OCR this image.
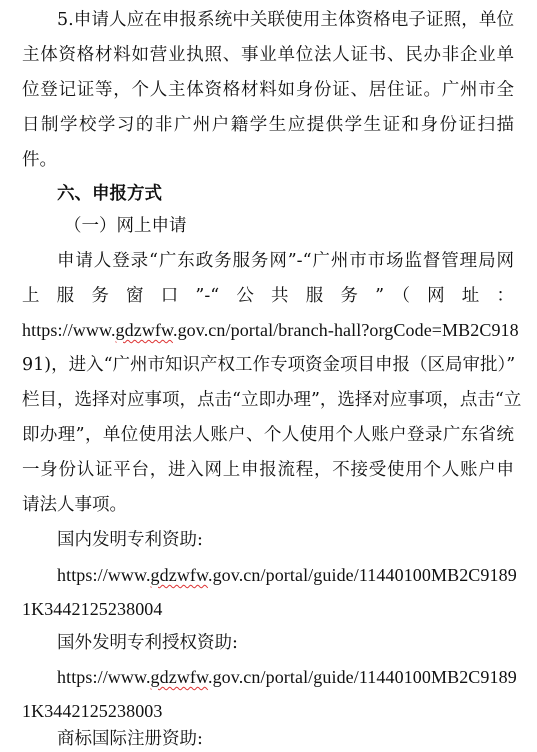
5.申请人应在申报系统中关联使用主体资格电子证照，单位
主体资格材料如营业执照、事业单位法人证书、民办非企业单
位登记证等，个人主体资格材料如身份证、居住证。广州市全
日制学校学习的非广州户籍学生应提供学生证和身份证扫描
件。
六、申报方式
（一）网上申请
申请人登录“广东政务服务网”-“广州市市场监督管理局网
上服务窗口”-“公共服务”（网址：
https://www.gdzwfw.gov.cn/portal/branch-hall?orgCode=MB2C918
91)，进入“广州市知识产权工作专项资金项目申报（区局审批）”
栏目，选择对应事项，点击“立即办理”，选择对应事项，点击“立
即办理”，单位使用法人账户、个人使用个人账户登录广东省统
一身份认证平台，进入网上申报流程，不接受使用个人账户申
请法人事项。
国内发明专利资助:
https://www.gdzwfw.gov.cn/portal/guide/11440100MB2C9189
1K3442125238004
国外发明专利授权资助:
https://www.gdzwfw.gov.cn/portal/guide/11440100MB2C9189
1K3442125238003
商标国际注册资助:
